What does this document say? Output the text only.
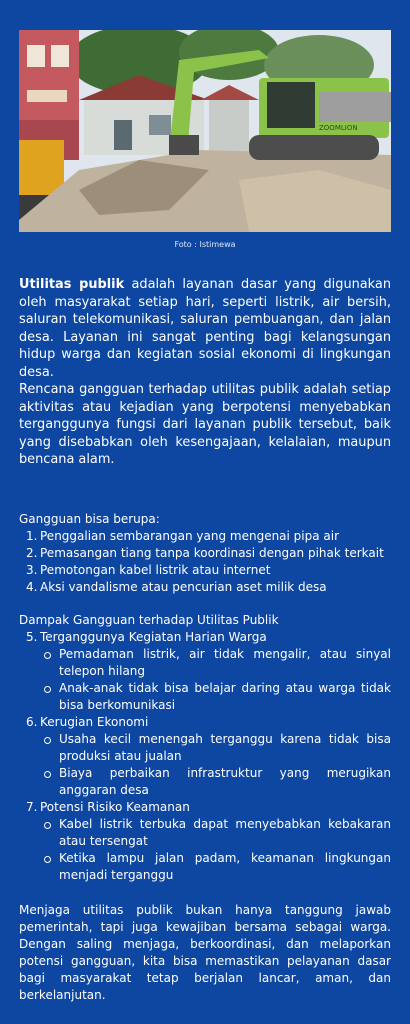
ZOOMLION
Foto : Istimewa

Utilitas publik adalah layanan dasar yang digunakan oleh masyarakat setiap hari, seperti listrik, air bersih, saluran telekomunikasi, saluran pembuangan, dan jalan desa. Layanan ini sangat penting bagi kelangsungan hidup warga dan kegiatan sosial ekonomi di lingkungan desa.

Rencana gangguan terhadap utilitas publik adalah setiap aktivitas atau kejadian yang berpotensi menyebabkan terganggunya fungsi dari layanan publik tersebut, baik yang disebabkan oleh kesengajaan, kelalaian, maupun bencana alam.

Gangguan bisa berupa:

1. Penggalian sembarangan yang mengenai pipa air
2. Pemasangan tiang tanpa koordinasi dengan pihak terkait
3. Pemotongan kabel listrik atau internet
4. Aksi vandalisme atau pencurian aset milik desa

Dampak Gangguan terhadap Utilitas Publik

5. Terganggunya Kegiatan Harian Warga
Pemadaman listrik, air tidak mengalir, atau sinyal telepon hilang
Anak-anak tidak bisa belajar daring atau warga tidak bisa berkomunikasi
6. Kerugian Ekonomi
Usaha kecil menengah terganggu karena tidak bisa produksi atau jualan
Biaya perbaikan infrastruktur yang merugikan anggaran desa
7. Potensi Risiko Keamanan
Kabel listrik terbuka dapat menyebabkan kebakaran atau tersengat
Ketika lampu jalan padam, keamanan lingkungan menjadi terganggu

Menjaga utilitas publik bukan hanya tanggung jawab pemerintah, tapi juga kewajiban bersama sebagai warga. Dengan saling menjaga, berkoordinasi, dan melaporkan potensi gangguan, kita bisa memastikan pelayanan dasar bagi masyarakat tetap berjalan lancar, aman, dan berkelanjutan.
